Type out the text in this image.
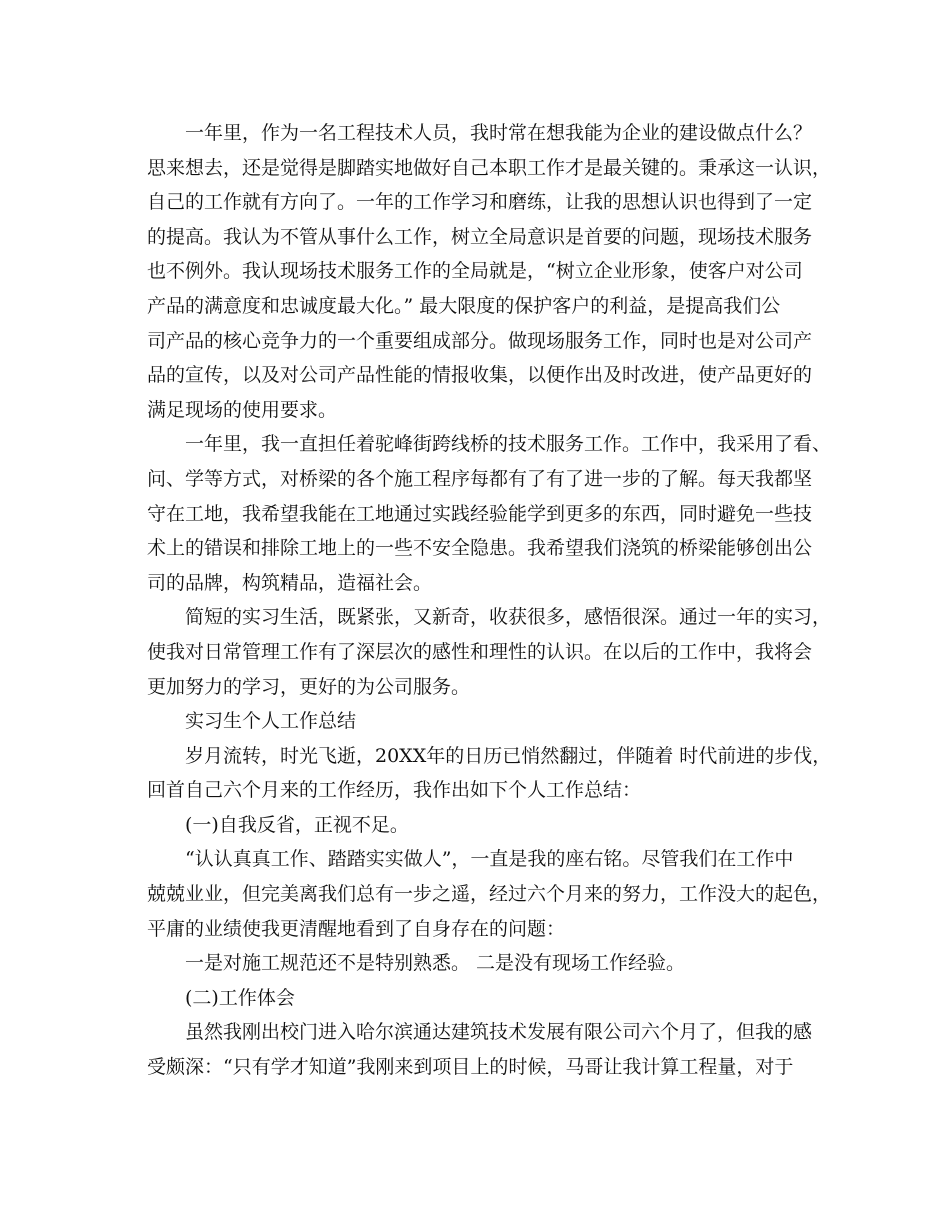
一年里，作为一名工程技术人员，我时常在想我能为企业的建设做点什么？
思来想去，还是觉得是脚踏实地做好自己本职工作才是最关键的。秉承这一认识，
自己的工作就有方向了。一年的工作学习和磨练，让我的思想认识也得到了一定
的提高。我认为不管从事什么工作，树立全局意识是首要的问题，现场技术服务
也不例外。我认现场技术服务工作的全局就是，“树立企业形象，使客户对公司
产品的满意度和忠诚度最大化。” 最大限度的保护客户的利益，是提高我们公
司产品的核心竞争力的一个重要组成部分。做现场服务工作，同时也是对公司产
品的宣传，以及对公司产品性能的情报收集，以便作出及时改进，使产品更好的
满足现场的使用要求。
一年里，我一直担任着驼峰街跨线桥的技术服务工作。工作中，我采用了看、
问、学等方式，对桥梁的各个施工程序每都有了有了进一步的了解。每天我都坚
守在工地，我希望我能在工地通过实践经验能学到更多的东西，同时避免一些技
术上的错误和排除工地上的一些不安全隐患。我希望我们浇筑的桥梁能够创出公
司的品牌，构筑精品，造福社会。
简短的实习生活，既紧张，又新奇，收获很多，感悟很深。通过一年的实习，
使我对日常管理工作有了深层次的感性和理性的认识。在以后的工作中，我将会
更加努力的学习，更好的为公司服务。
实习生个人工作总结
岁月流转，时光飞逝，20XX年的日历已悄然翻过，伴随着 时代前进的步伐，
回首自己六个月来的工作经历，我作出如下个人工作总结：
(一)自我反省，正视不足。
“认认真真工作、踏踏实实做人”，一直是我的座右铭。尽管我们在工作中
兢兢业业，但完美离我们总有一步之遥，经过六个月来的努力，工作没大的起色，
平庸的业绩使我更清醒地看到了自身存在的问题：
一是对施工规范还不是特别熟悉。 二是没有现场工作经验。
(二)工作体会
虽然我刚出校门进入哈尔滨通达建筑技术发展有限公司六个月了，但我的感
受颇深：“只有学才知道”我刚来到项目上的时候，马哥让我计算工程量，对于
